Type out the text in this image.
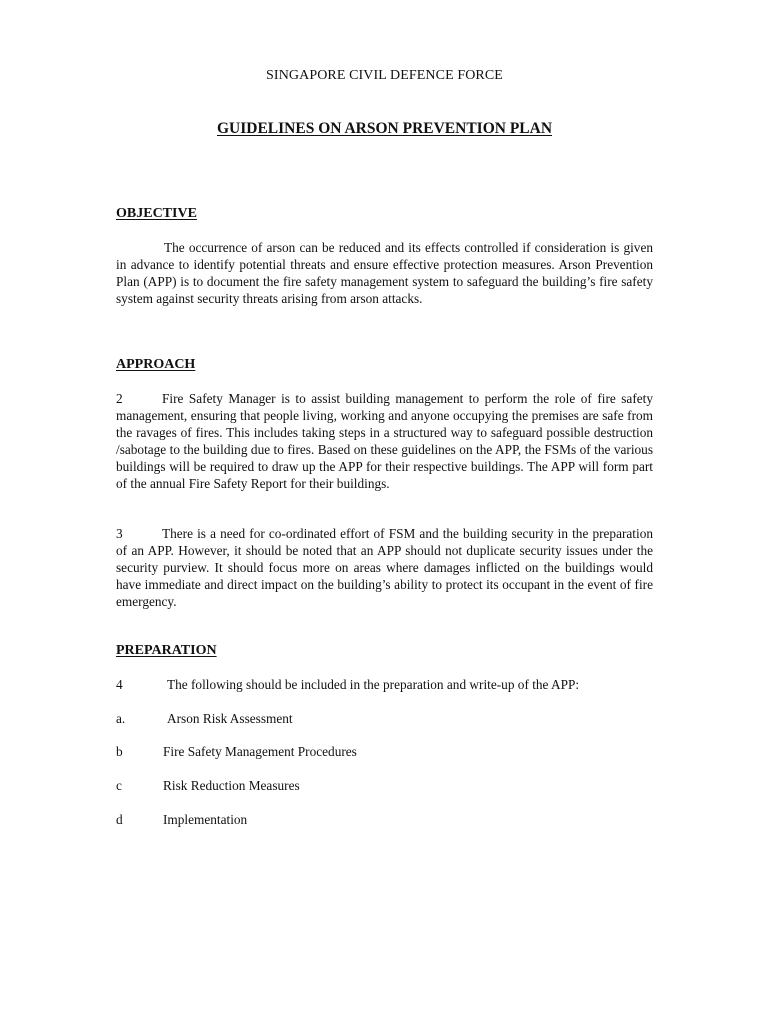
SINGAPORE CIVIL DEFENCE FORCE
GUIDELINES ON ARSON PREVENTION PLAN
OBJECTIVE

The occurrence of arson can be reduced and its effects controlled if consideration is given in advance to identify potential threats and ensure effective protection measures. Arson Prevention Plan (APP) is to document the fire safety management system to safeguard the building’s fire safety system against security threats arising from arson attacks.

APPROACH

2	Fire Safety Manager is to assist building management to perform the role of fire safety management, ensuring that people living, working and anyone occupying the premises are safe from the ravages of fires. This includes taking steps in a structured way to safeguard possible destruction /sabotage to the building due to fires. Based on these guidelines on the APP, the FSMs of the various buildings will be required to draw up the APP for their respective buildings. The APP will form part of the annual Fire Safety Report for their buildings.

3	There is a need for co-ordinated effort of FSM and the building security in the preparation of an APP. However, it should be noted that an APP should not duplicate security issues under the security purview. It should focus more on areas where damages inflicted on the buildings would have immediate and direct impact on the building’s ability to protect its occupant in the event of fire emergency.

PREPARATION
4	The following should be included in the preparation and write-up of the APP:
a.	Arson Risk Assessment
b	Fire Safety Management Procedures
c	Risk Reduction Measures
d	Implementation
